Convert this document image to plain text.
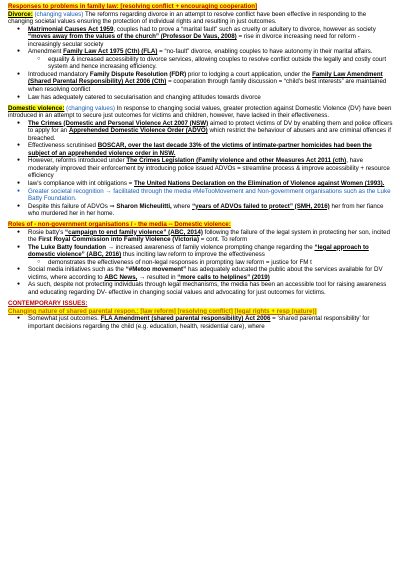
Responses to problems in family law: [resolving conflict + encouraging cooperation]

Divorce: (changing values) The reforms regarding divorce in an attempt to resolve conflict have been effective in responding to the changing societal values ensuring the protection of individual rights and resulting in just outcomes.

● Matrimonial Causes Act 1959, couples had to prove a “marital fault” such as cruelty or adultery to divorce, however as society “moves away from the values of the church” (Professor De Vaus, 2008) = rise in divorce increasing need for reform - increasingly secular society
● Amendment Family Law Act 1975 (Cth) (FLA) = “no-fault” divorce, enabling couples to have autonomy in their marital affairs.
○ equality & increased accessibility to divorce services, allowing couples to resolve conflict outside the legally and costly court system and hence increasing efficiency.
● Introduced mandatory Family Dispute Resolution (FDR) prior to lodging a court application, under the Family Law Amendment (Shared Parental Responsibility) Act 2006 (Cth) = cooperation through family discussion = “child’s best interests” are maintained when resolving conflict
● Law has adequately catered to secularisation and changing attitudes towards divorce

Domestic violence: (changing values) In response to changing social values, greater protection against Domestic Violence (DV) have been introduced in an attempt to secure just outcomes for victims and children, however, have lacked in their effectiveness.

● The Crimes (Domestic and Personal Violence Act 2007 (NSW) aimed to protect victims of DV by enabling them and police officers to apply for an Apprehended Domestic Violence Order (ADVO) which restrict the behaviour of abusers and are criminal offences if breached.
● Effectiveness scrutinised BOSCAR, over the last decade 33% of the victims of intimate-partner homicides had been the subject of an apprehended violence order in NSW.
● However, reforms introduced under The Crimes Legislation (Family violence and other Measures Act 2011 (cth), have moderately improved their enforcement by introducing police issued ADVOs = streamline process & improve accessibility + resource efficiency
● law’s compliance with int obligations = The United Nations Declaration on the Elimination of Violence against Women (1993).
● Greater societal recognition → facilitated through the media #MeTooMovement and Non-government organisations such as the Luke Batty Foundation.
● Despite this failure of ADVOs ⇒ Sharon Micheulitti, where “years of ADVOs failed to protect” (SMH, 2016) her from her fiance who murdered her in her home.

Roles of - non-government organisations / - the media -- Domestic violence:

● Rosie batty’s “campaign to end family violence” (ABC, 2014) following the failure of the legal system in protecting her son, incited the First Royal Commission into Family Violence (Victoria) = cont. To reform
● The Luke Batty foundation → increased awareness of family violence prompting change regarding the “legal approach to domestic violence” (ABC, 2016) thus inciting law reform to improve the effectiveness
○ demonstrates the effectiveness of non-legal responses in prompting law reform = justice for FM t
● Social media initiatives such as the “#Metoo movement” has adequately educated the public about the services available for DV victims, where according to ABC News, → resulted in “more calls to helplines” (2019)
● As such, despite not protecting individuals through legal mechanisms, the media has been an accessible tool for raising awareness and educating regarding DV- effective in changing social values and advocating for just outcomes for victims.

CONTEMPORARY ISSUES:

Changing nature of shared parental respon.: [law reform] [resolving conflict] [legal rights + resp (nature)]

● Somewhat just outcomes. FLA Amendment (shared parental responsibility) Act 2006 = ‘shared parental responsibility’ for important decisions regarding the child (e.g. education, health, residential care), where
